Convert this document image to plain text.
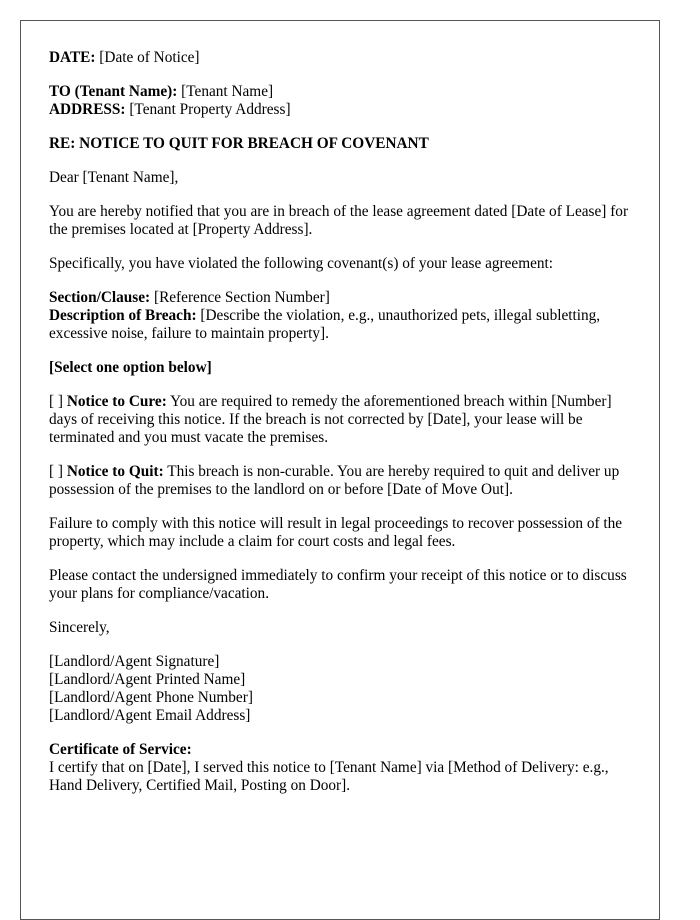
DATE: [Date of Notice]

TO (Tenant Name): [Tenant Name]

ADDRESS: [Tenant Property Address]

RE: NOTICE TO QUIT FOR BREACH OF COVENANT

Dear [Tenant Name],

You are hereby notified that you are in breach of the lease agreement dated [Date of Lease] for the premises located at [Property Address].

Specifically, you have violated the following covenant(s) of your lease agreement:

Section/Clause: [Reference Section Number]

Description of Breach: [Describe the violation, e.g., unauthorized pets, illegal subletting, excessive noise, failure to maintain property].

[Select one option below]

[ ] Notice to Cure: You are required to remedy the aforementioned breach within [Number] days of receiving this notice. If the breach is not corrected by [Date], your lease will be terminated and you must vacate the premises.

[ ] Notice to Quit: This breach is non-curable. You are hereby required to quit and deliver up possession of the premises to the landlord on or before [Date of Move Out].

Failure to comply with this notice will result in legal proceedings to recover possession of the property, which may include a claim for court costs and legal fees.

Please contact the undersigned immediately to confirm your receipt of this notice or to discuss your plans for compliance/vacation.

Sincerely,

[Landlord/Agent Signature]

[Landlord/Agent Printed Name]

[Landlord/Agent Phone Number]

[Landlord/Agent Email Address]

Certificate of Service:

I certify that on [Date], I served this notice to [Tenant Name] via [Method of Delivery: e.g., Hand Delivery, Certified Mail, Posting on Door].
